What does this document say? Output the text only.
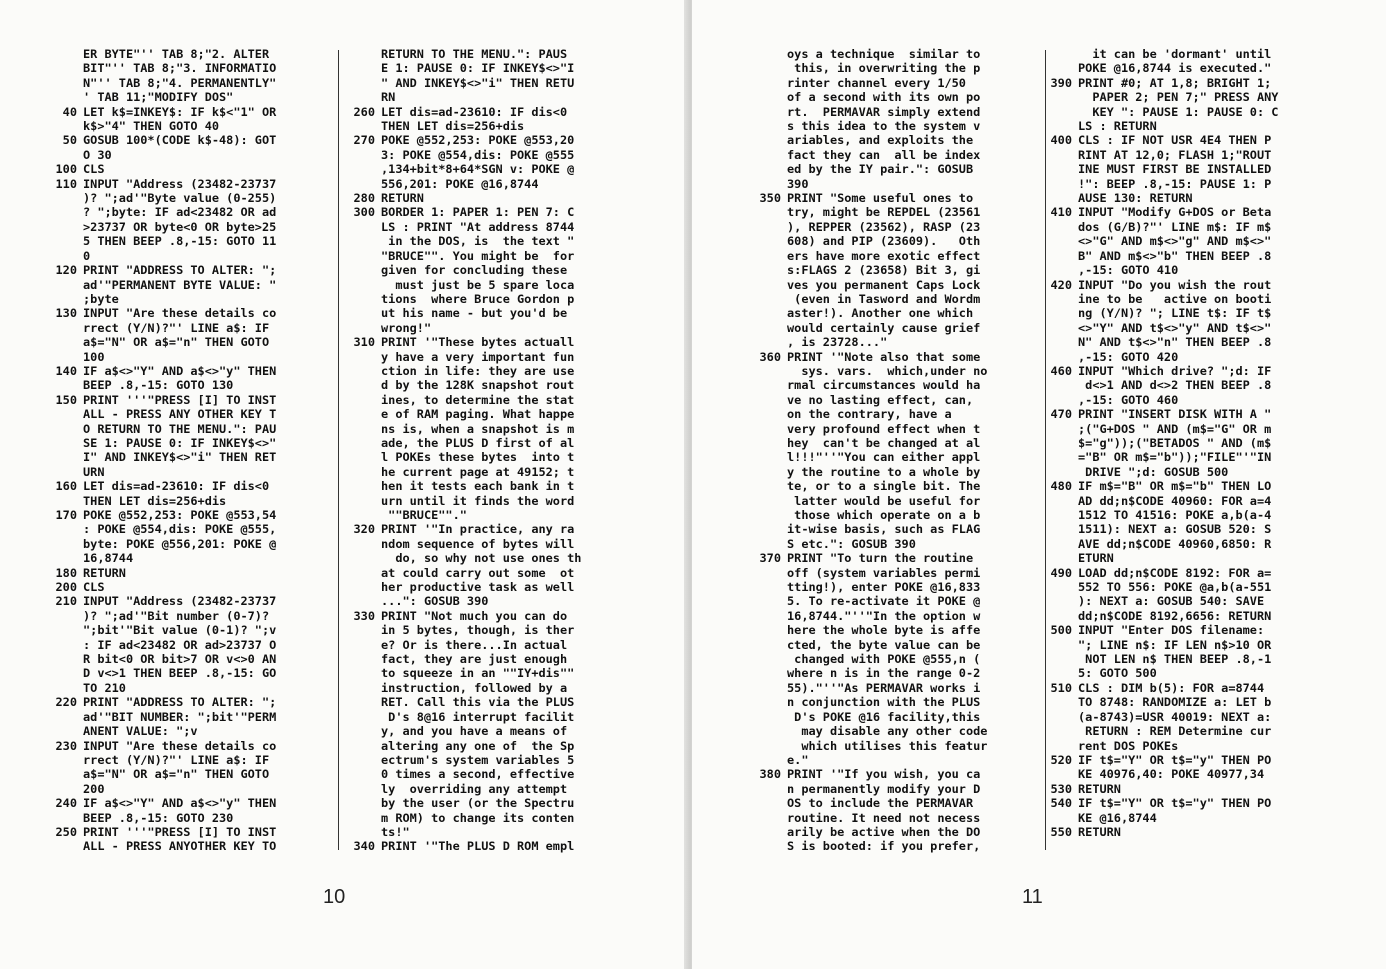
ER BYTE"'' TAB 8;"2. ALTER
BIT"'' TAB 8;"3. INFORMATIO
N"'' TAB 8;"4. PERMANENTLY"
' TAB 11;"MODIFY DOS"
40 LET k$=INKEY$: IF k$<"1" OR
k$>"4" THEN GOTO 40
50 GOSUB 100*(CODE k$-48): GOT
O 30
100 CLS
110 INPUT "Address (23482-23737
)? ";ad'"Byte value (0-255)
? ";byte: IF ad<23482 OR ad
>23737 OR byte<0 OR byte>25
5 THEN BEEP .8,-15: GOTO 11
0
120 PRINT "ADDRESS TO ALTER: ";
ad'"PERMANENT BYTE VALUE: "
;byte
130 INPUT "Are these details co
rrect (Y/N)?"' LINE a$: IF
a$="N" OR a$="n" THEN GOTO
100
140 IF a$<>"Y" AND a$<>"y" THEN
BEEP .8,-15: GOTO 130
150 PRINT '''"PRESS [I] TO INST
ALL - PRESS ANY OTHER KEY T
O RETURN TO THE MENU.": PAU
SE 1: PAUSE 0: IF INKEY$<>"
I" AND INKEY$<>"i" THEN RET
URN
160 LET dis=ad-23610: IF dis<0
THEN LET dis=256+dis
170 POKE @552,253: POKE @553,54
: POKE @554,dis: POKE @555,
byte: POKE @556,201: POKE @
16,8744
180 RETURN
200 CLS
210 INPUT "Address (23482-23737
)? ";ad'"Bit number (0-7)?
";bit'"Bit value (0-1)? ";v
: IF ad<23482 OR ad>23737 O
R bit<0 OR bit>7 OR v<>0 AN
D v<>1 THEN BEEP .8,-15: GO
TO 210
220 PRINT "ADDRESS TO ALTER: ";
ad'"BIT NUMBER: ";bit'"PERM
ANENT VALUE: ";v
230 INPUT "Are these details co
rrect (Y/N)?"' LINE a$: IF
a$="N" OR a$="n" THEN GOTO
200
240 IF a$<>"Y" AND a$<>"y" THEN
BEEP .8,-15: GOTO 230
250 PRINT '''"PRESS [I] TO INST
ALL - PRESS ANYOTHER KEY TO
RETURN TO THE MENU.": PAUS
E 1: PAUSE 0: IF INKEY$<>"I
" AND INKEY$<>"i" THEN RETU
RN
260 LET dis=ad-23610: IF dis<0
THEN LET dis=256+dis
270 POKE @552,253: POKE @553,20
3: POKE @554,dis: POKE @555
,134+bit*8+64*SGN v: POKE @
556,201: POKE @16,8744
280 RETURN
300 BORDER 1: PAPER 1: PEN 7: C
LS : PRINT "At address 8744
in the DOS, is  the text "
"BRUCE"". You might be  for
given for concluding these
must just be 5 spare loca
tions  where Bruce Gordon p
ut his name - but you'd be
wrong!"
310 PRINT '"These bytes actuall
y have a very important fun
ction in life: they are use
d by the 128K snapshot rout
ines, to determine the stat
e of RAM paging. What happe
ns is, when a snapshot is m
ade, the PLUS D first of al
l POKEs these bytes  into t
he current page at 49152; t
hen it tests each bank in t
urn until it finds the word
""BRUCE""."
320 PRINT '"In practice, any ra
ndom sequence of bytes will
do, so why not use ones th
at could carry out some  ot
her productive task as well
...": GOSUB 390
330 PRINT "Not much you can do
in 5 bytes, though, is ther
e? Or is there...In actual
fact, they are just enough
to squeeze in an ""IY+dis""
instruction, followed by a
RET. Call this via the PLUS
D's 8@16 interrupt facilit
y, and you have a means of
altering any one of  the Sp
ectrum's system variables 5
0 times a second, effective
ly  overriding any attempt
by the user (or the Spectru
m ROM) to change its conten
ts!"
340 PRINT '"The PLUS D ROM empl
10
oys a technique  similar to
this, in overwriting the p
rinter channel every 1/50
of a second with its own po
rt.  PERMAVAR simply extend
s this idea to the system v
ariables, and exploits the
fact they can  all be index
ed by the IY pair.": GOSUB
390
350 PRINT "Some useful ones to
try, might be REPDEL (23561
), REPPER (23562), RASP (23
608) and PIP (23609).   Oth
ers have more exotic effect
s:FLAGS 2 (23658) Bit 3, gi
ves you permanent Caps Lock
(even in Tasword and Wordm
aster!). Another one which
would certainly cause grief
, is 23728..."
360 PRINT '"Note also that some
sys. vars.  which,under no
rmal circumstances would ha
ve no lasting effect, can,
on the contrary, have a
very profound effect when t
hey  can't be changed at al
l!!!"''"You can either appl
y the routine to a whole by
te, or to a single bit. The
latter would be useful for
those which operate on a b
it-wise basis, such as FLAG
S etc.": GOSUB 390
370 PRINT "To turn the routine
off (system variables permi
tting!), enter POKE @16,833
5. To re-activate it POKE @
16,8744."''"In the option w
here the whole byte is affe
cted, the byte value can be
changed with POKE @555,n (
where n is in the range 0-2
55)."''"As PERMAVAR works i
n conjunction with the PLUS
D's POKE @16 facility,this
may disable any other code
which utilises this featur
e."
380 PRINT '"If you wish, you ca
n permanently modify your D
OS to include the PERMAVAR
routine. It need not necess
arily be active when the DO
S is booted: if you prefer,
it can be 'dormant' until
POKE @16,8744 is executed."
390 PRINT #0; AT 1,8; BRIGHT 1;
PAPER 2; PEN 7;" PRESS ANY
KEY ": PAUSE 1: PAUSE 0: C
LS : RETURN
400 CLS : IF NOT USR 4E4 THEN P
RINT AT 12,0; FLASH 1;"ROUT
INE MUST FIRST BE INSTALLED
!": BEEP .8,-15: PAUSE 1: P
AUSE 130: RETURN
410 INPUT "Modify G+DOS or Beta
dos (G/B)?"' LINE m$: IF m$
<>"G" AND m$<>"g" AND m$<>"
B" AND m$<>"b" THEN BEEP .8
,-15: GOTO 410
420 INPUT "Do you wish the rout
ine to be   active on booti
ng (Y/N)? "; LINE t$: IF t$
<>"Y" AND t$<>"y" AND t$<>"
N" AND t$<>"n" THEN BEEP .8
,-15: GOTO 420
460 INPUT "Which drive? ";d: IF
d<>1 AND d<>2 THEN BEEP .8
,-15: GOTO 460
470 PRINT "INSERT DISK WITH A "
;("G+DOS " AND (m$="G" OR m
$="g"));("BETADOS " AND (m$
="B" OR m$="b"));"FILE"'"IN
DRIVE ";d: GOSUB 500
480 IF m$="B" OR m$="b" THEN LO
AD dd;n$CODE 40960: FOR a=4
1512 TO 41516: POKE a,b(a-4
1511): NEXT a: GOSUB 520: S
AVE dd;n$CODE 40960,6850: R
ETURN
490 LOAD dd;n$CODE 8192: FOR a=
552 TO 556: POKE @a,b(a-551
): NEXT a: GOSUB 540: SAVE
dd;n$CODE 8192,6656: RETURN
500 INPUT "Enter DOS filename:
"; LINE n$: IF LEN n$>10 OR
NOT LEN n$ THEN BEEP .8,-1
5: GOTO 500
510 CLS : DIM b(5): FOR a=8744
TO 8748: RANDOMIZE a: LET b
(a-8743)=USR 40019: NEXT a:
RETURN : REM Determine cur
rent DOS POKEs
520 IF t$="Y" OR t$="y" THEN PO
KE 40976,40: POKE 40977,34
530 RETURN
540 IF t$="Y" OR t$="y" THEN PO
KE @16,8744
550 RETURN
11
